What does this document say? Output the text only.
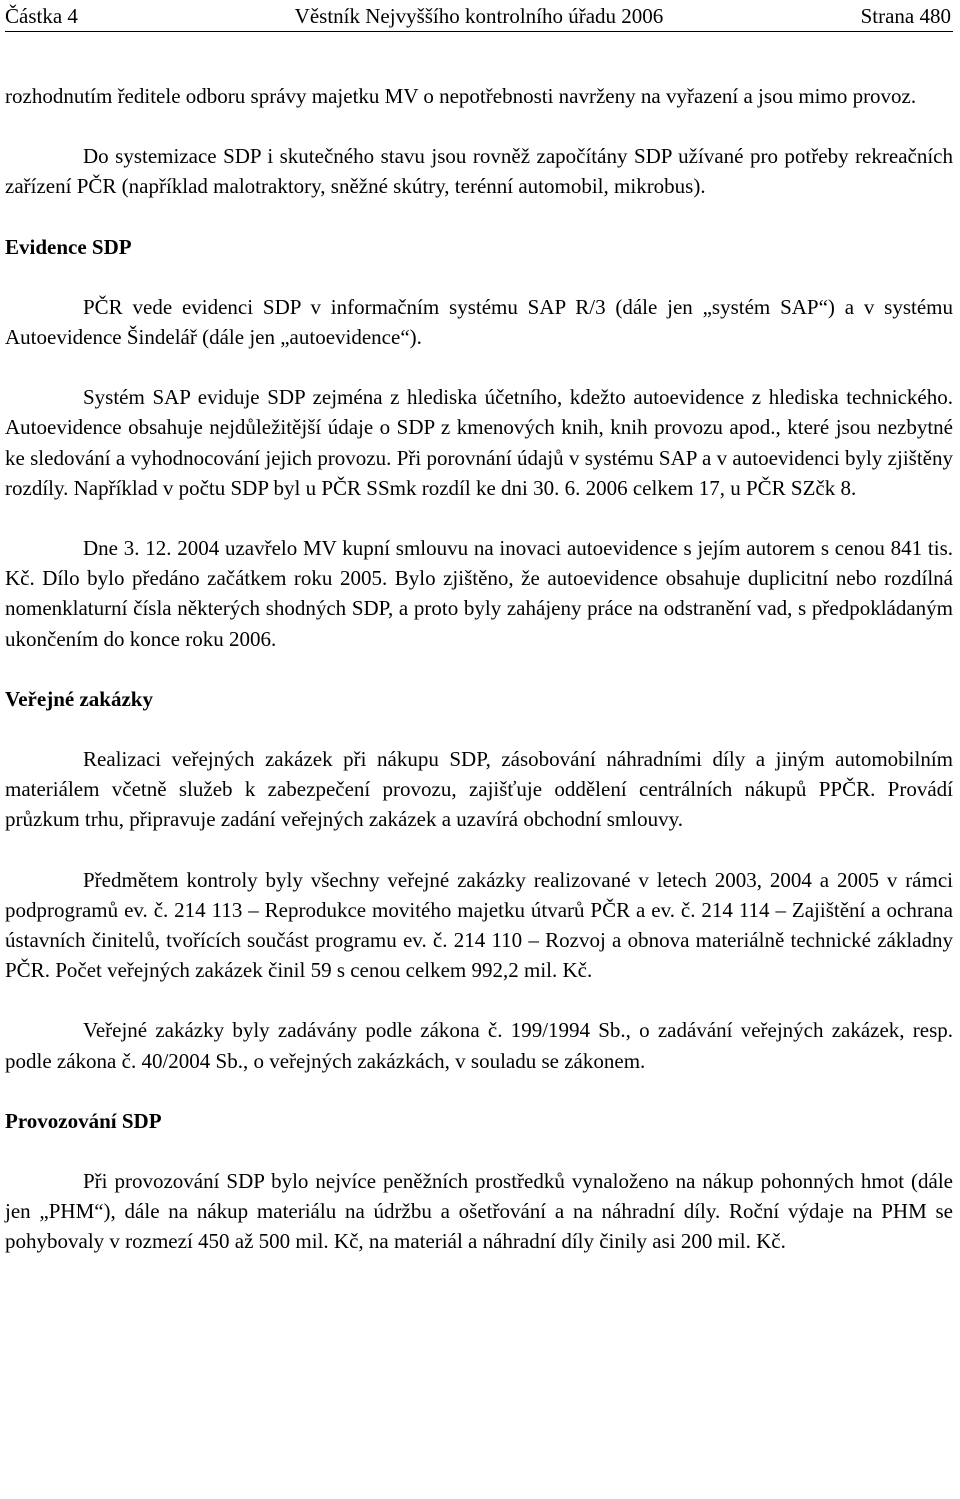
Věstník Nejvyššího kontrolního úřadu 2006
Částka 4	Strana 480

rozhodnutím ředitele odboru správy majetku MV o nepotřebnosti navrženy na vyřazení a jsou mimo provoz.

Do systemizace SDP i skutečného stavu jsou rovněž započítány SDP užívané pro potřeby rekreačních zařízení PČR (například malotraktory, sněžné skútry, terénní automobil, mikrobus).

Evidence SDP

PČR vede evidenci SDP v informačním systému SAP R/3 (dále jen „systém SAP“) a v systému Autoevidence Šindelář (dále jen „autoevidence“).

Systém SAP eviduje SDP zejména z hlediska účetního, kdežto autoevidence z hlediska technického. Autoevidence obsahuje nejdůležitější údaje o SDP z kmenových knih, knih provozu apod., které jsou nezbytné ke sledování a vyhodnocování jejich provozu. Při porovnání údajů v systému SAP a v autoevidenci byly zjištěny rozdíly. Například v počtu SDP byl u PČR SSmk rozdíl ke dni 30. 6. 2006 celkem 17, u PČR SZčk 8.

Dne 3. 12. 2004 uzavřelo MV kupní smlouvu na inovaci autoevidence s jejím autorem s cenou 841 tis. Kč. Dílo bylo předáno začátkem roku 2005. Bylo zjištěno, že autoevidence obsahuje duplicitní nebo rozdílná nomenklaturní čísla některých shodných SDP, a proto byly zahájeny práce na odstranění vad, s předpokládaným ukončením do konce roku 2006.

Veřejné zakázky

Realizaci veřejných zakázek při nákupu SDP, zásobování náhradními díly a jiným automobilním materiálem včetně služeb k zabezpečení provozu, zajišťuje oddělení centrálních nákupů PPČR. Provádí průzkum trhu, připravuje zadání veřejných zakázek a uzavírá obchodní smlouvy.

Předmětem kontroly byly všechny veřejné zakázky realizované v letech 2003, 2004 a 2005 v rámci podprogramů ev. č. 214 113 – Reprodukce movitého majetku útvarů PČR a ev. č. 214 114 – Zajištění a ochrana ústavních činitelů, tvořících součást programu ev. č. 214 110 – Rozvoj a obnova materiálně technické základny PČR. Počet veřejných zakázek činil 59 s cenou celkem 992,2 mil. Kč.

Veřejné zakázky byly zadávány podle zákona č. 199/1994 Sb., o zadávání veřejných zakázek, resp. podle zákona č. 40/2004 Sb., o veřejných zakázkách, v souladu se zákonem.

Provozování SDP

Při provozování SDP bylo nejvíce peněžních prostředků vynaloženo na nákup pohonných hmot (dále jen „PHM“), dále na nákup materiálu na údržbu a ošetřování a na náhradní díly. Roční výdaje na PHM se pohybovaly v rozmezí 450 až 500 mil. Kč, na materiál a náhradní díly činily asi 200 mil. Kč.
